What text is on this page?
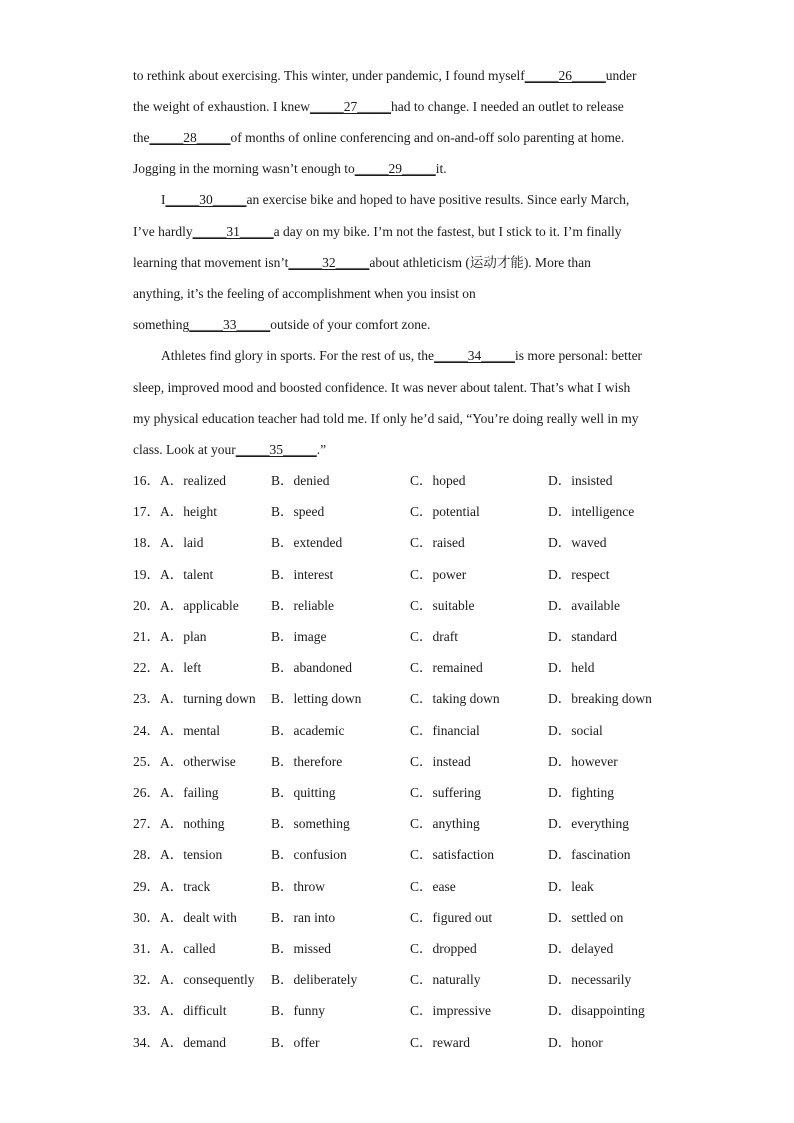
to rethink about exercising. This winter, under pandemic, I found myself_____26_____under
the weight of exhaustion. I knew_____27_____had to change. I needed an outlet to release
the_____28_____of months of online conferencing and on-and-off solo parenting at home.
Jogging in the morning wasn’t enough to_____29_____it.
I_____30_____an exercise bike and hoped to have positive results. Since early March,
I’ve hardly_____31_____a day on my bike. I’m not the fastest, but I stick to it. I’m finally
learning that movement isn’t_____32_____about athleticism (运动才能). More than
anything, it’s the feeling of accomplishment when you insist on
something_____33_____outside of your comfort zone.
Athletes find glory in sports. For the rest of us, the_____34_____is more personal: better
sleep, improved mood and boosted confidence. It was never about talent. That’s what I wish
my physical education teacher had told me. If only he’d said, “You’re doing really well in my
class. Look at your_____35_____.”
16． A．realized	B．denied	C．hoped	D．insisted
17． A．height	B．speed	C．potential	D．intelligence
18． A．laid	B．extended	C．raised	D．waved
19． A．talent	B．interest	C．power	D．respect
20． A．applicable B．reliable	C．suitable	D．available
21． A．plan	B．image	C．draft	D．standard
22． A．left	B．abandoned	C．remained	D．held
23． A．turning down B．letting down	C．taking down	D．breaking down
24． A．mental	B．academic	C．financial	D．social
25． A．otherwise	B．therefore	C．instead	D．however
26． A．failing	B．quitting	C．suffering	D．fighting
27． A．nothing	B．something	C．anything	D．everything
28． A．tension	B．confusion	C．satisfaction	D．fascination
29． A．track	B．throw	C．ease	D．leak
30． A．dealt with	B．ran into	C．figured out	D．settled on
31． A．called	B．missed	C．dropped	D．delayed
32． A．consequently B．deliberately	C．naturally	D．necessarily
33． A．difficult	B．funny	C．impressive	D．disappointing
34． A．demand	B．offer	C．reward	D．honor
